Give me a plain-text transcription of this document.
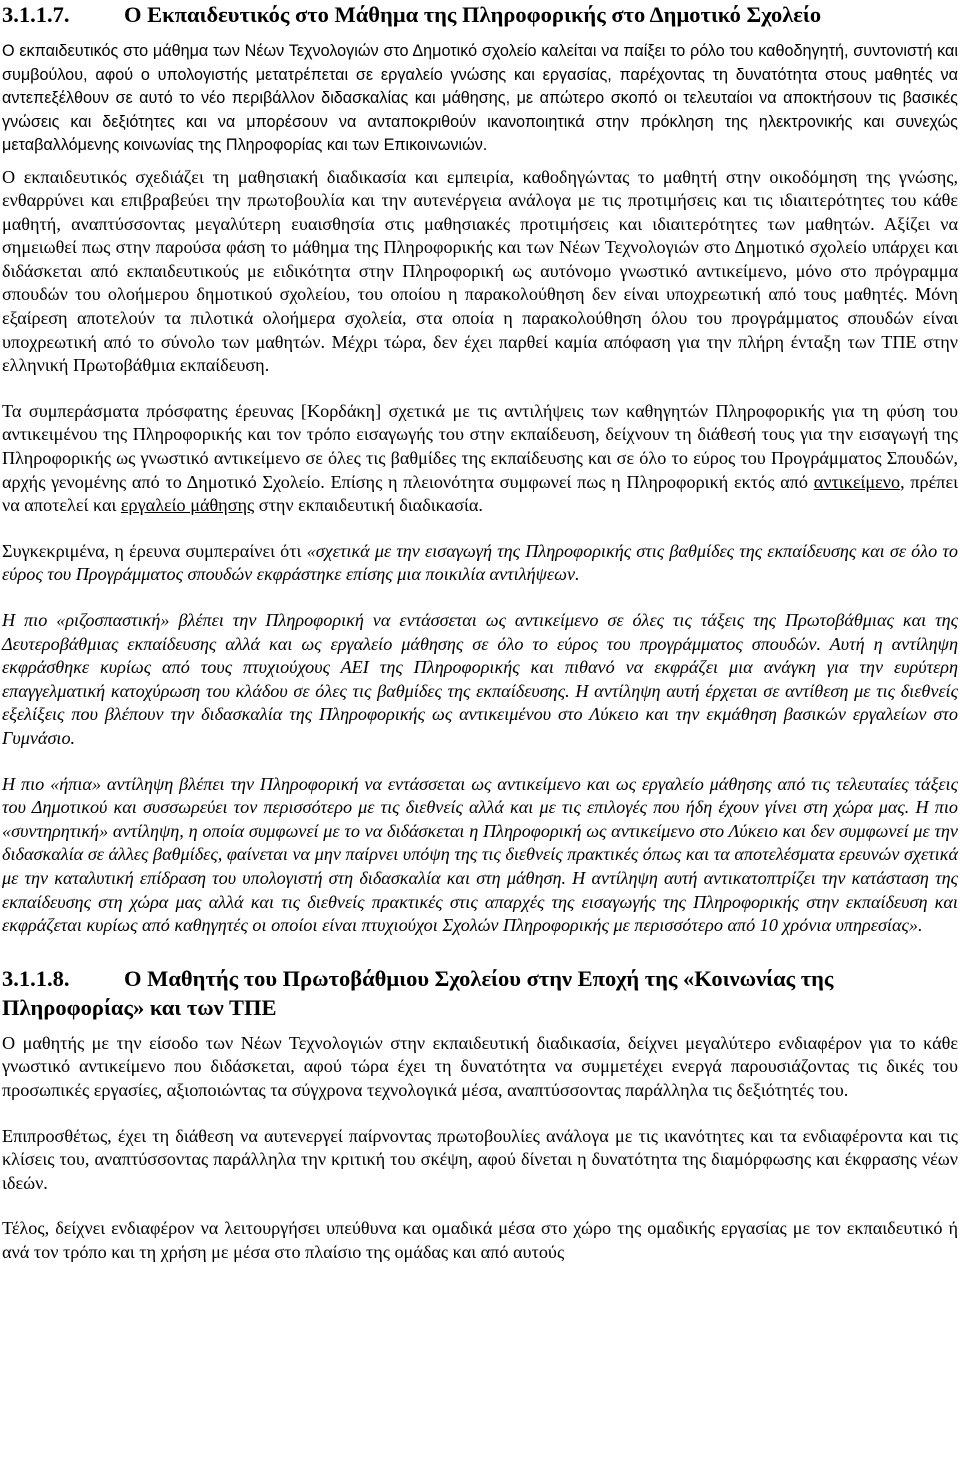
3.1.1.7. Ο Εκπαιδευτικός στο Μάθημα της Πληροφορικής στο Δημοτικό Σχολείο

Ο εκπαιδευτικός στο μάθημα των Νέων Τεχνολογιών στο Δημοτικό σχολείο καλείται να παίξει το ρόλο του καθοδηγητή, συντονιστή και συμβούλου, αφού ο υπολογιστής μετατρέπεται σε εργαλείο γνώσης και εργασίας, παρέχοντας τη δυνατότητα στους μαθητές να αντεπεξέλθουν σε αυτό το νέο περιβάλλον διδασκαλίας και μάθησης, με απώτερο σκοπό οι τελευταίοι να αποκτήσουν τις βασικές γνώσεις και δεξιότητες και να μπορέσουν να ανταποκριθούν ικανοποιητικά στην πρόκληση της ηλεκτρονικής και συνεχώς μεταβαλλόμενης κοινωνίας της Πληροφορίας και των Επικοινωνιών.

Ο εκπαιδευτικός σχεδιάζει τη μαθησιακή διαδικασία και εμπειρία, καθοδηγώντας το μαθητή στην οικοδόμηση της γνώσης, ενθαρρύνει και επιβραβεύει την πρωτοβουλία και την αυτενέργεια ανάλογα με τις προτιμήσεις και τις ιδιαιτερότητες του κάθε μαθητή, αναπτύσσοντας μεγαλύτερη ευαισθησία στις μαθησιακές προτιμήσεις και ιδιαιτερότητες των μαθητών. Αξίζει να σημειωθεί πως στην παρούσα φάση το μάθημα της Πληροφορικής και των Νέων Τεχνολογιών στο Δημοτικό σχολείο υπάρχει και διδάσκεται από εκπαιδευτικούς με ειδικότητα στην Πληροφορική ως αυτόνομο γνωστικό αντικείμενο, μόνο στο πρόγραμμα σπουδών του ολοήμερου δημοτικού σχολείου, του οποίου η παρακολούθηση δεν είναι υποχρεωτική από τους μαθητές. Μόνη εξαίρεση αποτελούν τα πιλοτικά ολοήμερα σχολεία, στα οποία η παρακολούθηση όλου του προγράμματος σπουδών είναι υποχρεωτική από το σύνολο των μαθητών. Μέχρι τώρα, δεν έχει παρθεί καμία απόφαση για την πλήρη ένταξη των ΤΠΕ στην ελληνική Πρωτοβάθμια εκπαίδευση.

Τα συμπεράσματα πρόσφατης έρευνας [Κορδάκη] σχετικά με τις αντιλήψεις των καθηγητών Πληροφορικής για τη φύση του αντικειμένου της Πληροφορικής και τον τρόπο εισαγωγής του στην εκπαίδευση, δείχνουν τη διάθεσή τους για την εισαγωγή της Πληροφορικής ως γνωστικό αντικείμενο σε όλες τις βαθμίδες της εκπαίδευσης και σε όλο το εύρος του Προγράμματος Σπουδών, αρχής γενομένης από το Δημοτικό Σχολείο. Επίσης η πλειονότητα συμφωνεί πως η Πληροφορική εκτός από αντικείμενο, πρέπει να αποτελεί και εργαλείο μάθησης στην εκπαιδευτική διαδικασία.

Συγκεκριμένα, η έρευνα συμπεραίνει ότι «σχετικά με την εισαγωγή της Πληροφορικής στις βαθμίδες της εκπαίδευσης και σε όλο το εύρος του Προγράμματος σπουδών εκφράστηκε επίσης μια ποικιλία αντιλήψεων.

Η πιο «ριζοσπαστική» βλέπει την Πληροφορική να εντάσσεται ως αντικείμενο σε όλες τις τάξεις της Πρωτοβάθμιας και της Δευτεροβάθμιας εκπαίδευσης αλλά και ως εργαλείο μάθησης σε όλο το εύρος του προγράμματος σπουδών. Αυτή η αντίληψη εκφράσθηκε κυρίως από τους πτυχιούχους ΑΕΙ της Πληροφορικής και πιθανό να εκφράζει μια ανάγκη για την ευρύτερη επαγγελματική κατοχύρωση του κλάδου σε όλες τις βαθμίδες της εκπαίδευσης. Η αντίληψη αυτή έρχεται σε αντίθεση με τις διεθνείς εξελίξεις που βλέπουν την διδασκαλία της Πληροφορικής ως αντικειμένου στο Λύκειο και την εκμάθηση βασικών εργαλείων στο Γυμνάσιο.

Η πιο «ήπια» αντίληψη βλέπει την Πληροφορική να εντάσσεται ως αντικείμενο και ως εργαλείο μάθησης από τις τελευταίες τάξεις του Δημοτικού και συσσωρεύει τον περισσότερο με τις διεθνείς αλλά και με τις επιλογές που ήδη έχουν γίνει στη χώρα μας. Η πιο «συντηρητική» αντίληψη, η οποία συμφωνεί με το να διδάσκεται η Πληροφορική ως αντικείμενο στο Λύκειο και δεν συμφωνεί με την διδασκαλία σε άλλες βαθμίδες, φαίνεται να μην παίρνει υπόψη της τις διεθνείς πρακτικές όπως και τα αποτελέσματα ερευνών σχετικά με την καταλυτική επίδραση του υπολογιστή στη διδασκαλία και στη μάθηση. Η αντίληψη αυτή αντικατοπτρίζει την κατάσταση της εκπαίδευσης στη χώρα μας αλλά και τις διεθνείς πρακτικές στις απαρχές της εισαγωγής της Πληροφορικής στην εκπαίδευση και εκφράζεται κυρίως από καθηγητές οι οποίοι είναι πτυχιούχοι Σχολών Πληροφορικής με περισσότερο από 10 χρόνια υπηρεσίας».

3.1.1.8. Ο Μαθητής του Πρωτοβάθμιου Σχολείου στην Εποχή της «Κοινωνίας της Πληροφορίας» και των ΤΠΕ

Ο μαθητής με την είσοδο των Νέων Τεχνολογιών στην εκπαιδευτική διαδικασία, δείχνει μεγαλύτερο ενδιαφέρον για το κάθε γνωστικό αντικείμενο που διδάσκεται, αφού τώρα έχει τη δυνατότητα να συμμετέχει ενεργά παρουσιάζοντας τις δικές του προσωπικές εργασίες, αξιοποιώντας τα σύγχρονα τεχνολογικά μέσα, αναπτύσσοντας παράλληλα τις δεξιότητές του.

Επιπροσθέτως, έχει τη διάθεση να αυτενεργεί παίρνοντας πρωτοβουλίες ανάλογα με τις ικανότητες και τα ενδιαφέροντα και τις κλίσεις του, αναπτύσσοντας παράλληλα την κριτική του σκέψη, αφού δίνεται η δυνατότητα της διαμόρφωσης και έκφρασης νέων ιδεών.

Τέλος, δείχνει ενδιαφέρον να λειτουργήσει υπεύθυνα και ομαδικά μέσα στο χώρο της ομαδικής εργασίας με τον εκπαιδευτικό ή ανά τον τρόπο και τη χρήση με μέσα στο πλαίσιο της ομάδας και από αυτούς
